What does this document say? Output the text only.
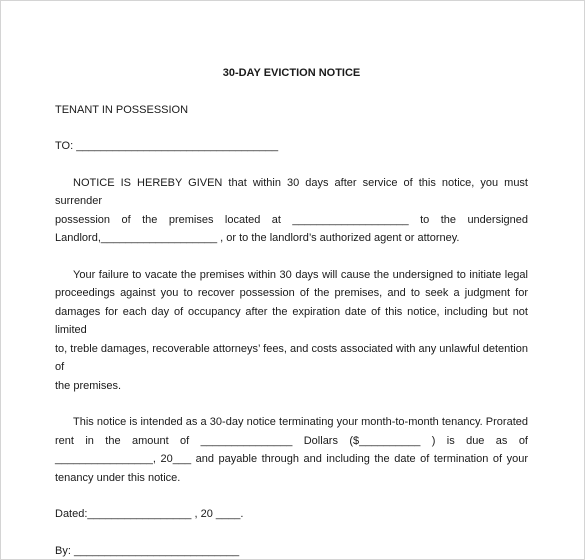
30-DAY EVICTION NOTICE

TENANT IN POSSESSION

TO: _________________________________

NOTICE IS HEREBY GIVEN that within 30 days after service of this notice, you must surrender
possession of the premises located at ___________________ to the undersigned
Landlord,___________________ , or to the landlord’s authorized agent or attorney.
Your failure to vacate the premises within 30 days will cause the undersigned to initiate legal
proceedings against you to recover possession of the premises, and to seek a judgment for
damages for each day of occupancy after the expiration date of this notice, including but not limited
to, treble damages, recoverable attorneys’ fees, and costs associated with any unlawful detention of
the premises.
This notice is intended as a 30-day notice terminating your month-to-month tenancy. Prorated
rent in the amount of _______________ Dollars ($__________ ) is due as of
________________, 20___ and payable through and including the date of termination of your
tenancy under this notice.

Dated:_________________ , 20 ____.

By: ___________________________
